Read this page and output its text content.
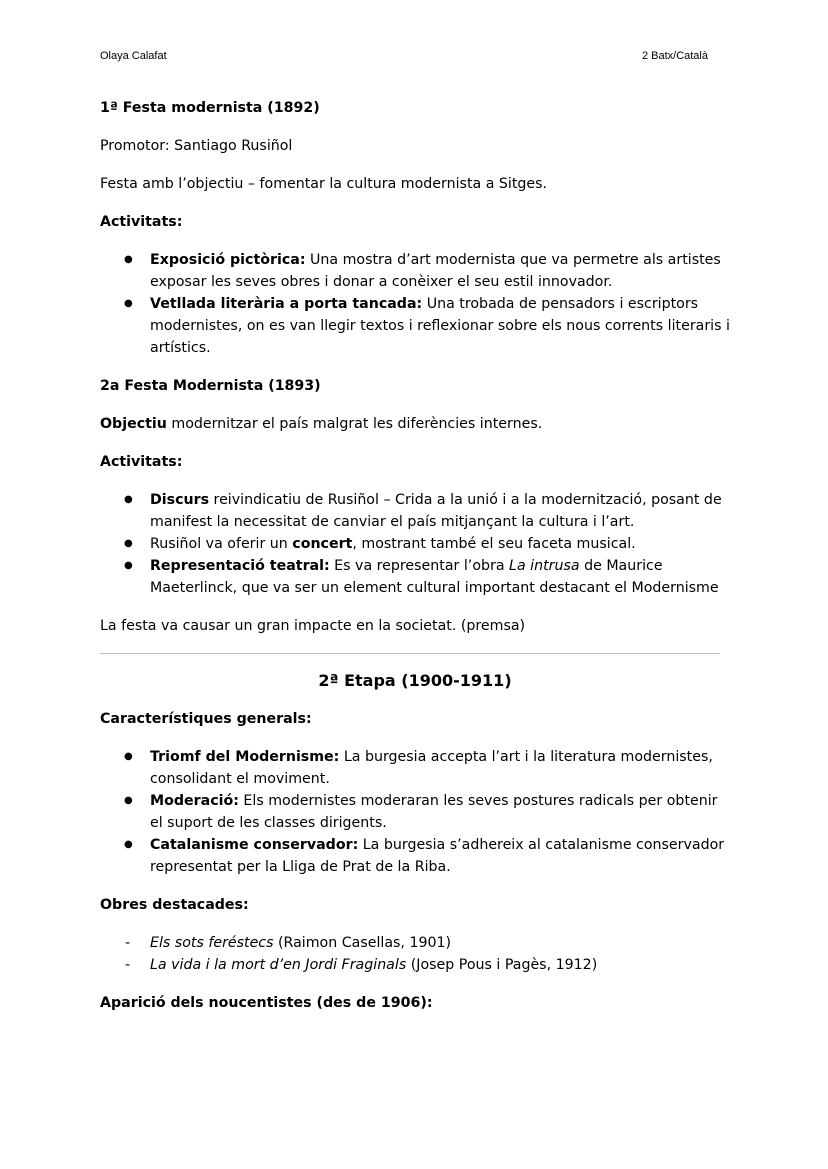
Olaya Calafat	2 Batx/Català

1ª Festa modernista (1892)

Promotor: Santiago Rusiñol

Festa amb l’objectiu – fomentar la cultura modernista a Sitges.

Activitats:

● Exposició pictòrica: Una mostra d’art modernista que va permetre als artistes exposar les seves obres i donar a conèixer el seu estil innovador.
● Vetllada literària a porta tancada: Una trobada de pensadors i escriptors modernistes, on es van llegir textos i reflexionar sobre els nous corrents literaris i artístics.

2a Festa Modernista (1893)

Objectiu modernitzar el país malgrat les diferències internes.

Activitats:

● Discurs reivindicatiu de Rusiñol – Crida a la unió i a la modernització, posant de manifest la necessitat de canviar el país mitjançant la cultura i l’art.
● Rusiñol va oferir un concert, mostrant també el seu faceta musical.
● Representació teatral: Es va representar l’obra La intrusa de Maurice Maeterlinck, que va ser un element cultural important destacant el Modernisme

La festa va causar un gran impacte en la societat. (premsa)

2ª Etapa (1900-1911)

Característiques generals:

● Triomf del Modernisme: La burgesia accepta l’art i la literatura modernistes, consolidant el moviment.
● Moderació: Els modernistes moderaran les seves postures radicals per obtenir el suport de les classes dirigents.
● Catalanisme conservador: La burgesia s’adhereix al catalanisme conservador representat per la Lliga de Prat de la Riba.

Obres destacades:

- Els sots feréstecs (Raimon Casellas, 1901)
- La vida i la mort d’en Jordi Fraginals (Josep Pous i Pagès, 1912)

Aparició dels noucentistes (des de 1906):
